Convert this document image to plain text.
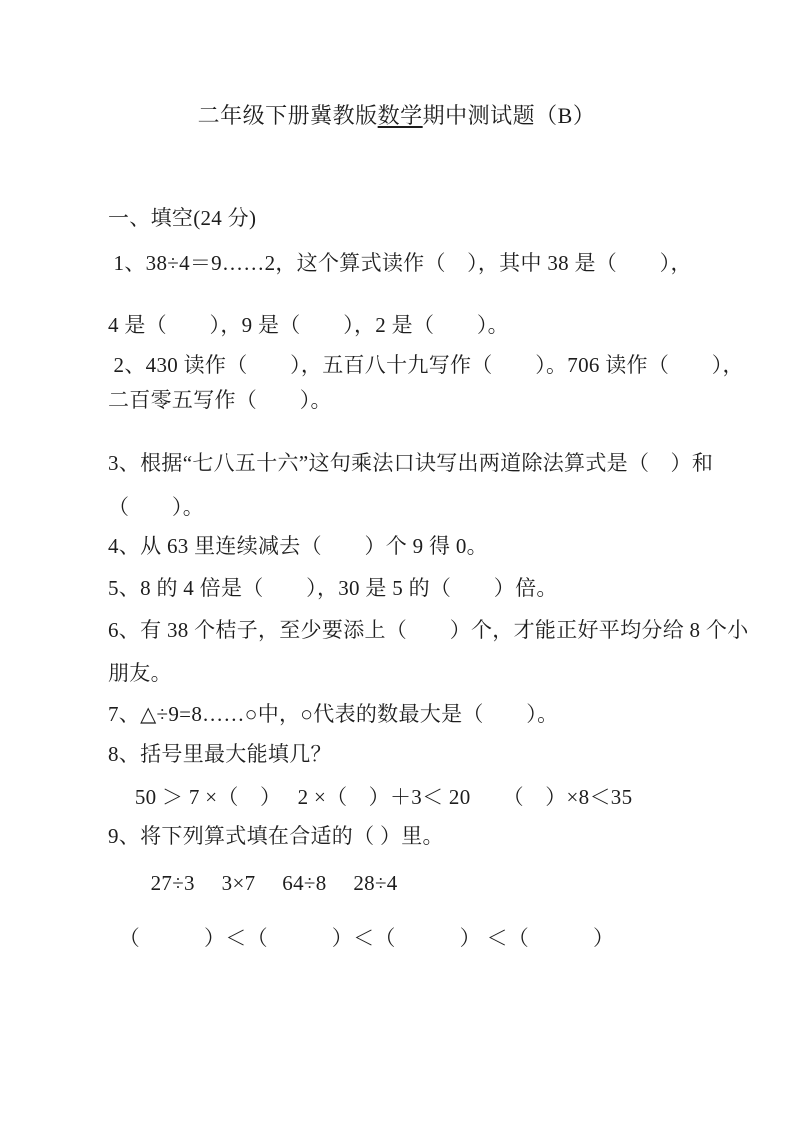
二年级下册冀教版数学期中测试题（B）

一、填空(24 分)

1、38÷4＝9……2，这个算式读作（　），其中 38 是（　　），

4 是（　　），9 是（　　），2 是（　　）。

2、430 读作（　　），五百八十九写作（　　）。706 读作（　　），

二百零五写作（　　）。

3、根据“七八五十六”这句乘法口诀写出两道除法算式是（　）和

（　　）。

4、从 63 里连续减去（　　）个 9 得 0。

5、8 的 4 倍是（　　），30 是 5 的（　　）倍。

6、有 38 个桔子，至少要添上（　　）个，才能正好平均分给 8 个小

朋友。

7、△÷9=8……○中，○代表的数最大是（　　）。

8、括号里最大能填几？

　 50 ＞ 7 ×（　）　 2 ×（　）＋3＜ 20　　（　）×8＜35

9、将下列算式填在合适的（ ）里。

　　27÷3　 3×7　 64÷8　 28÷4

　（　　　）＜（　　　）＜（　　　） ＜（　　　）
